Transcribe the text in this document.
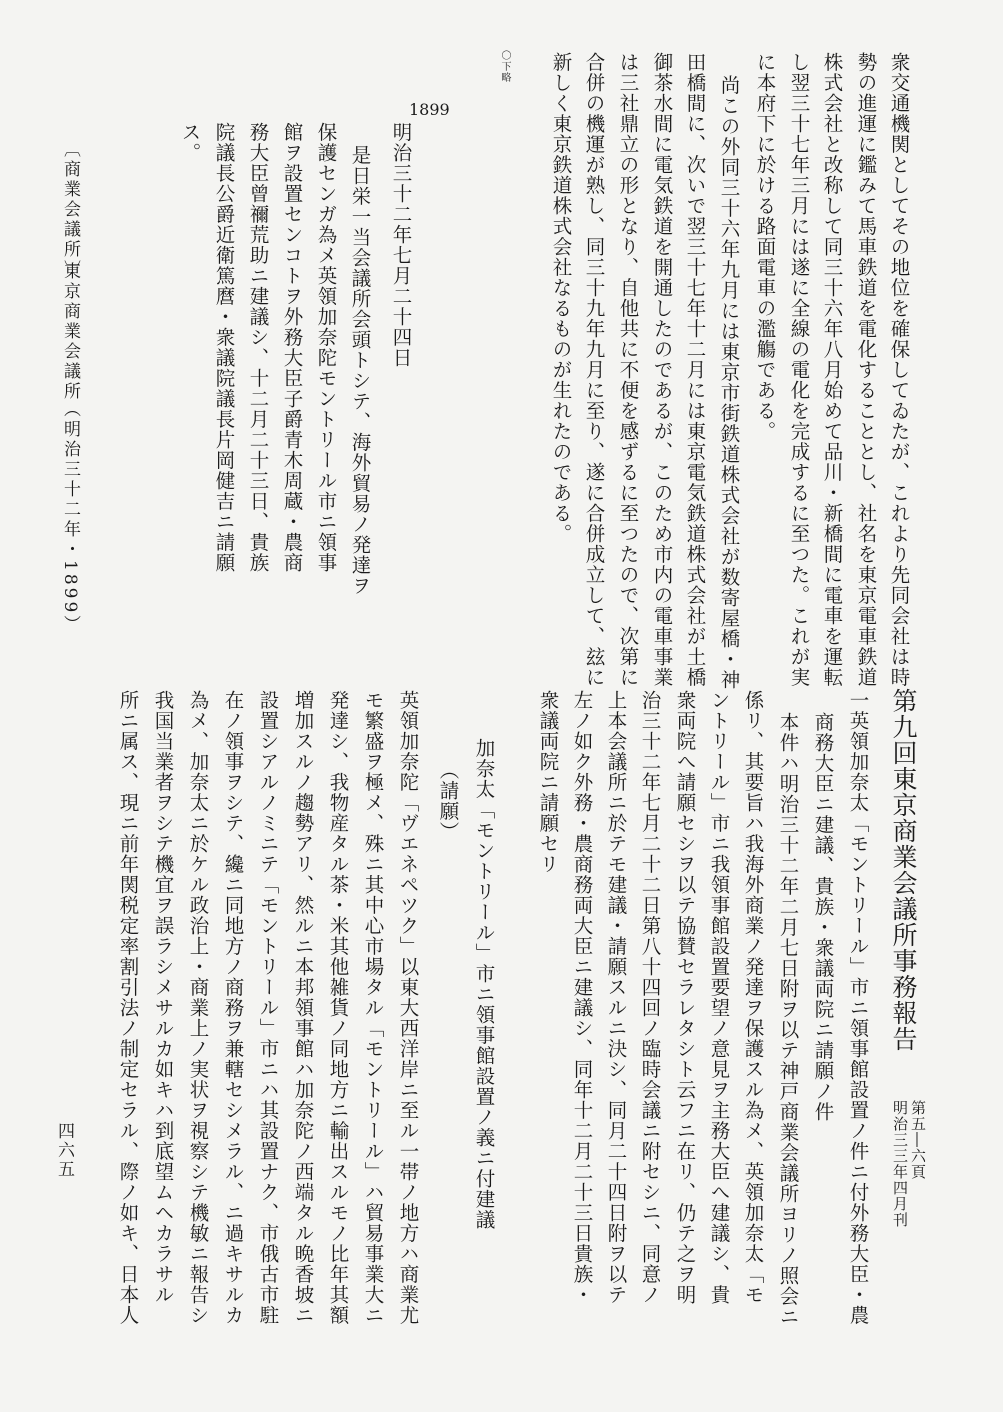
衆交通機関としてその地位を確保してゐたが、これより先同会社は時
勢の進運に鑑みて馬車鉄道を電化することとし、社名を東京電車鉄道
株式会社と改称して同三十六年八月始めて品川・新橋間に電車を運転
し翌三十七年三月には遂に全線の電化を完成するに至つた。これが実
に本府下に於ける路面電車の濫觴である。
尚この外同三十六年九月には東京市街鉄道株式会社が数寄屋橋・神
田橋間に、次いで翌三十七年十二月には東京電気鉄道株式会社が土橋
御茶水間に電気鉄道を開通したのであるが、このため市内の電車事業
は三社鼎立の形となり、自他共に不便を感ずるに至つたので、次第に
合併の機運が熟し、同三十九年九月に至り、遂に合併成立して、玆に
新しく東京鉄道株式会社なるものが生れたのである。
〇下略
1899
明治三十二年七月二十四日
是日栄一当会議所会頭トシテ、海外貿易ノ発達ヲ
保護センガ為メ英領加奈陀モントリール市ニ領事
館ヲ設置センコトヲ外務大臣子爵青木周蔵・農商
務大臣曾禰荒助ニ建議シ、十二月二十三日、貴族
院議長公爵近衛篤麿・衆議院議長片岡健吉ニ請願
ス。
〔商業会議所〕
東京商業会議所
（明治三十二年・1899）
第九回東京商業会議所事務報告
第五―六頁
明治三三年四月刊
一英領加奈太「モントリール」市ニ領事館設置ノ件ニ付外務大臣・農
商務大臣ニ建議、貴族・衆議両院ニ請願ノ件
本件ハ明治三十二年二月七日附ヲ以テ神戸商業会議所ヨリノ照会ニ
係リ、其要旨ハ我海外商業ノ発達ヲ保護スル為メ、英領加奈太「モ
ントリール」市ニ我領事館設置要望ノ意見ヲ主務大臣へ建議シ、貴
衆両院へ請願セシヲ以テ協賛セラレタシト云フニ在リ、仍テ之ヲ明
治三十二年七月二十二日第八十四回ノ臨時会議ニ附セシニ、同意ノ
上本会議所ニ於テモ建議・請願スルニ決シ、同月二十四日附ヲ以テ
左ノ如ク外務・農商務両大臣ニ建議シ、同年十二月二十三日貴族・
衆議両院ニ請願セリ
加奈太「モントリール」市ニ領事館設置ノ義ニ付建議
（請願）
英領加奈陀「ヴエネペツク」以東大西洋岸ニ至ル一帯ノ地方ハ商業尤
モ繁盛ヲ極メ、殊ニ其中心市場タル「モントリール」ハ貿易事業大ニ
発達シ、我物産タル茶・米其他雑貨ノ同地方ニ輸出スルモノ比年其額
増加スルノ趨勢アリ、然ルニ本邦領事館ハ加奈陀ノ西端タル晩香坡ニ
設置シアルノミニテ「モントリール」市ニハ其設置ナク、市俄古市駐
在ノ領事ヲシテ、纔ニ同地方ノ商務ヲ兼轄セシメラル、ニ過キサルカ
為メ、加奈太ニ於ケル政治上・商業上ノ実状ヲ視察シテ機敏ニ報告シ
我国当業者ヲシテ機宜ヲ誤ラシメサルカ如キハ到底望ムヘカラサル
所ニ属ス、現ニ前年関税定率割引法ノ制定セラル、際ノ如キ、日本人
四六五
